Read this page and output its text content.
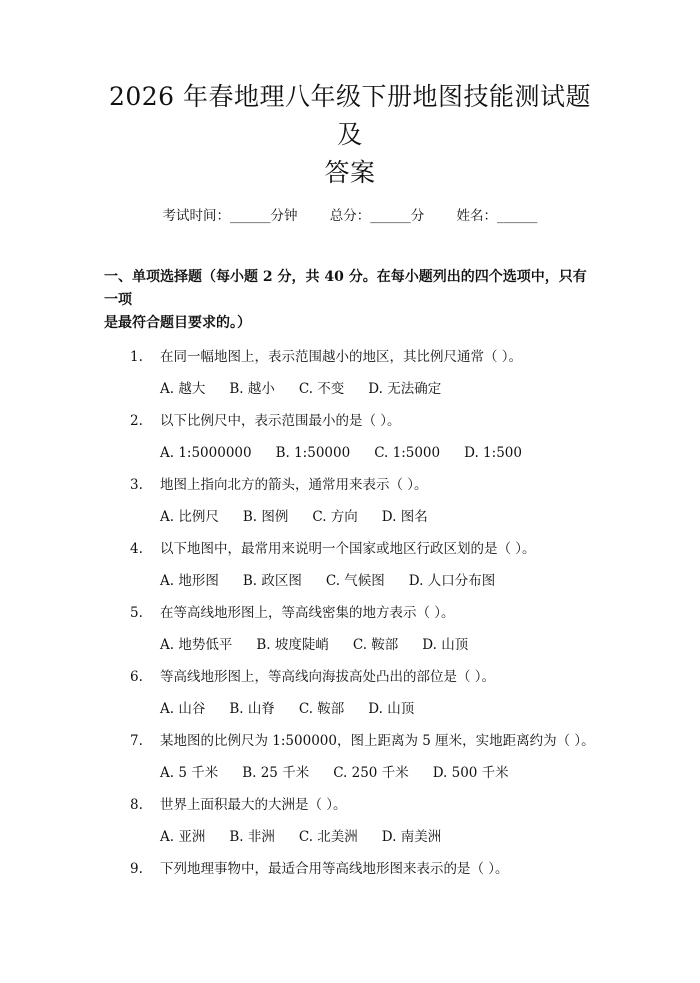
2026 年春地理八年级下册地图技能测试题及
答案
考试时间：______分钟 总分：______分 姓名：______
一、单项选择题（每小题 2 分，共 40 分。在每小题列出的四个选项中，只有一项
是最符合题目要求的。）
1.	在同一幅地图上，表示范围越小的地区，其比例尺通常（ ）。
A. 越大 B. 越小 C. 不变 D. 无法确定
2.	以下比例尺中，表示范围最小的是（ ）。
A. 1:5000000 B. 1:50000 C. 1:5000 D. 1:500
3.	地图上指向北方的箭头，通常用来表示（ ）。
A. 比例尺 B. 图例 C. 方向 D. 图名
4.	以下地图中，最常用来说明一个国家或地区行政区划的是（ ）。
A. 地形图 B. 政区图 C. 气候图 D. 人口分布图
5.	在等高线地形图上，等高线密集的地方表示（ ）。
A. 地势低平 B. 坡度陡峭 C. 鞍部 D. 山顶
6.	等高线地形图上，等高线向海拔高处凸出的部位是（ ）。
A. 山谷 B. 山脊 C. 鞍部 D. 山顶
7.	某地图的比例尺为 1:500000，图上距离为 5 厘米，实地距离约为（ ）。
A. 5 千米 B. 25 千米 C. 250 千米 D. 500 千米
8.	世界上面积最大的大洲是（ ）。
A. 亚洲 B. 非洲 C. 北美洲 D. 南美洲
9.	下列地理事物中，最适合用等高线地形图来表示的是（ ）。
